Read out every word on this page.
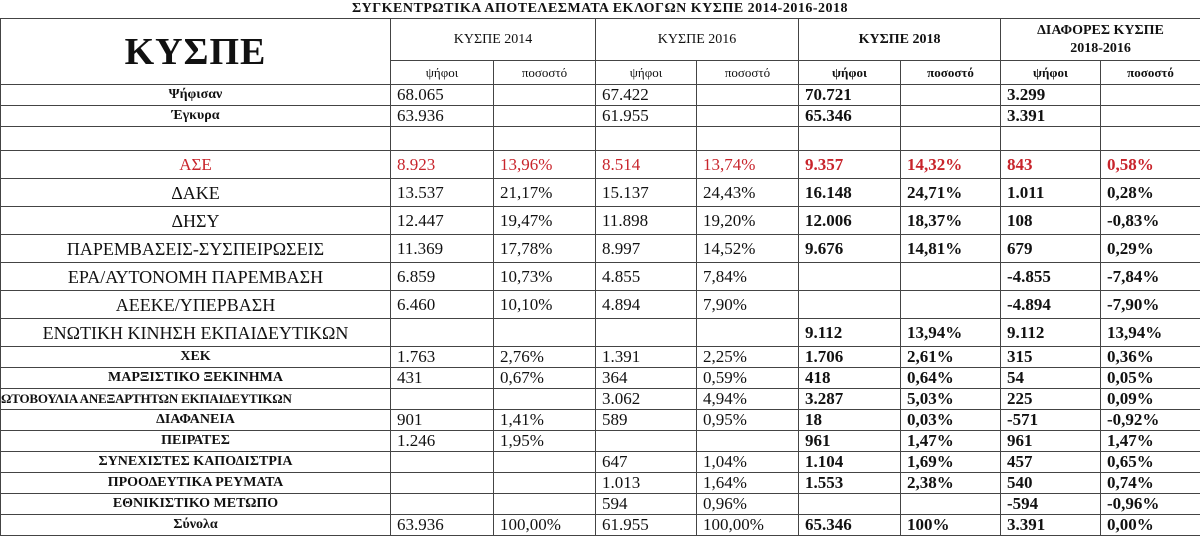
ΣΥΓΚΕΝΤΡΩΤΙΚΑ ΑΠΟΤΕΛΕΣΜΑΤΑ ΕΚΛΟΓΩΝ ΚΥΣΠΕ 2014-2016-2018
ΚΥΣΠΕ	ΚΥΣΠΕ 2014		ΚΥΣΠΕ 2016		ΚΥΣΠΕ 2018		ΔΙΑΦΟΡΕΣ ΚΥΣΠΕ
2018-2016	

	ψήφοι	ποσοστό	ψήφοι	ποσοστό	ψήφοι	ποσοστό	ψήφοι	ποσοστό
Ψήφισαν	68.065		67.422		70.721		3.299	
Έγκυρα	63.936		61.955		65.346		3.391	

ΑΣΕ	8.923	13,96%	8.514	13,74%	9.357	14,32%	843	0,58%
ΔΑΚΕ	13.537	21,17%	15.137	24,43%	16.148	24,71%	1.011	0,28%
ΔΗΣΥ	12.447	19,47%	11.898	19,20%	12.006	18,37%	108	-0,83%
ΠΑΡΕΜΒΑΣΕΙΣ-ΣΥΣΠΕΙΡΩΣΕΙΣ	11.369	17,78%	8.997	14,52%	9.676	14,81%	679	0,29%
ΕΡΑ/ΑΥΤΟΝΟΜΗ ΠΑΡΕΜΒΑΣΗ	6.859	10,73%	4.855	7,84%			-4.855	-7,84%
ΑΕΕΚΕ/ΥΠΕΡΒΑΣΗ	6.460	10,10%	4.894	7,90%			-4.894	-7,90%
ΕΝΩΤΙΚΗ ΚΙΝΗΣΗ ΕΚΠΑΙΔΕΥΤΙΚΩΝ					9.112	13,94%	9.112	13,94%
ΧΕΚ	1.763	2,76%	1.391	2,25%	1.706	2,61%	315	0,36%
ΜΑΡΞΙΣΤΙΚΟ ΞΕΚΙΝΗΜΑ	431	0,67%	364	0,59%	418	0,64%	54	0,05%
ΩΤΟΒΟΥΛΙΑ ΑΝΕΞΑΡΤΗΤΩΝ ΕΚΠΑΙΔΕΥΤΙΚΩΝ			3.062	4,94%	3.287	5,03%	225	0,09%
ΔΙΑΦΑΝΕΙΑ	901	1,41%	589	0,95%	18	0,03%	-571	-0,92%
ΠΕΙΡΑΤΕΣ	1.246	1,95%			961	1,47%	961	1,47%
ΣΥΝΕΧΙΣΤΕΣ ΚΑΠΟΔΙΣΤΡΙΑ			647	1,04%	1.104	1,69%	457	0,65%
ΠΡΟΟΔΕΥΤΙΚΑ ΡΕΥΜΑΤΑ			1.013	1,64%	1.553	2,38%	540	0,74%
ΕΘΝΙΚΙΣΤΙΚΟ ΜΕΤΩΠΟ			594	0,96%			-594	-0,96%
Σύνολα	63.936	100,00%	61.955	100,00%	65.346	100%	3.391	0,00%
